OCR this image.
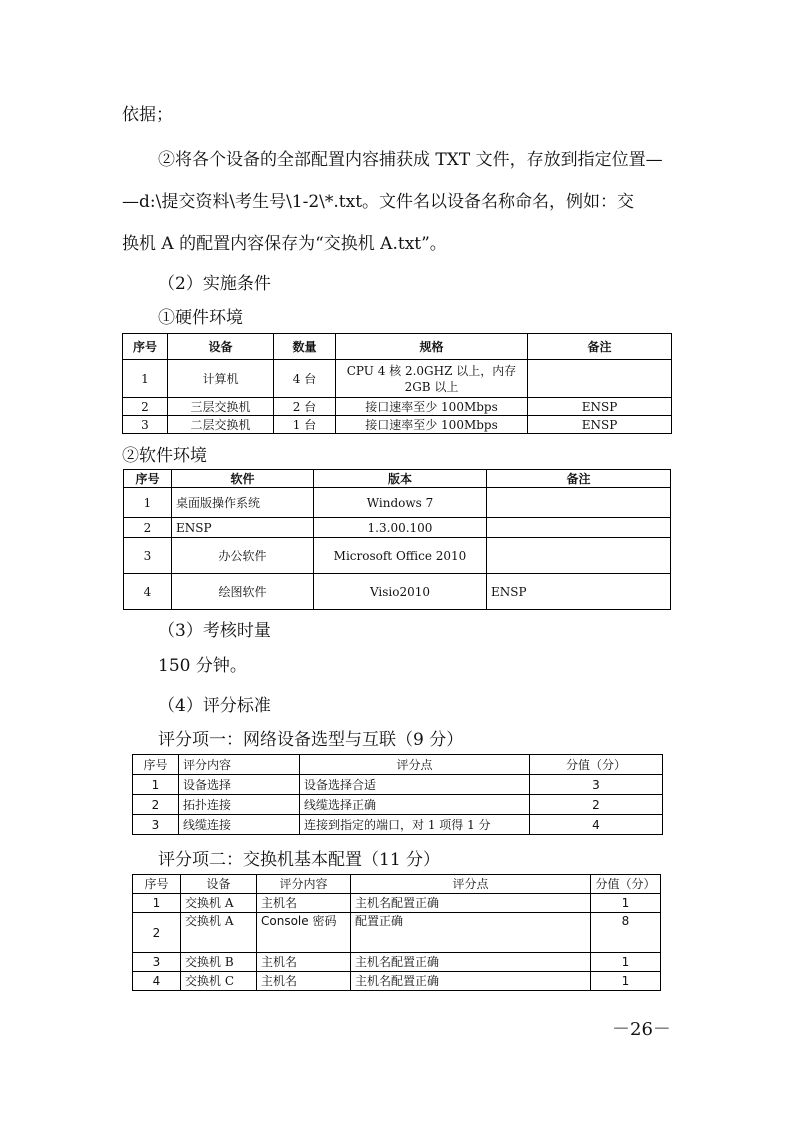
依据；
②将各个设备的全部配置内容捕获成 TXT 文件，存放到指定位置—
—d:\提交资料\考生号\1-2\*.txt。文件名以设备名称命名，例如：交
换机 A 的配置内容保存为“交换机 A.txt”。
（2）实施条件
①硬件环境
序号	设备	数量	规格	备注
1	计算机	4 台	CPU 4 核 2.0GHZ 以上，内存 2GB 以上	
2	三层交换机	2 台	接口速率至少 100Mbps	ENSP
3	二层交换机	1 台	接口速率至少 100Mbps	ENSP
②软件环境
序号	软件	版本	备注
1	桌面版操作系统	Windows 7	
2	ENSP	1.3.00.100	
3	办公软件	Microsoft Office 2010	
4	绘图软件	Visio2010	ENSP
（3）考核时量
150 分钟。
（4）评分标准
评分项一：网络设备选型与互联（9 分）
序号	评分内容	评分点	分值（分）
1	设备选择	设备选择合适	3
2	拓扑连接	线缆选择正确	2
3	线缆连接	连接到指定的端口，对 1 项得 1 分	4
评分项二：交换机基本配置（11 分）
序号	设备	评分内容	评分点	分值（分）
1	交换机 A	主机名	主机名配置正确	1
2	交换机 A	Console 密码	配置正确	8
3	交换机 B	主机名	主机名配置正确	1
4	交换机 C	主机名	主机名配置正确	1
－26－
